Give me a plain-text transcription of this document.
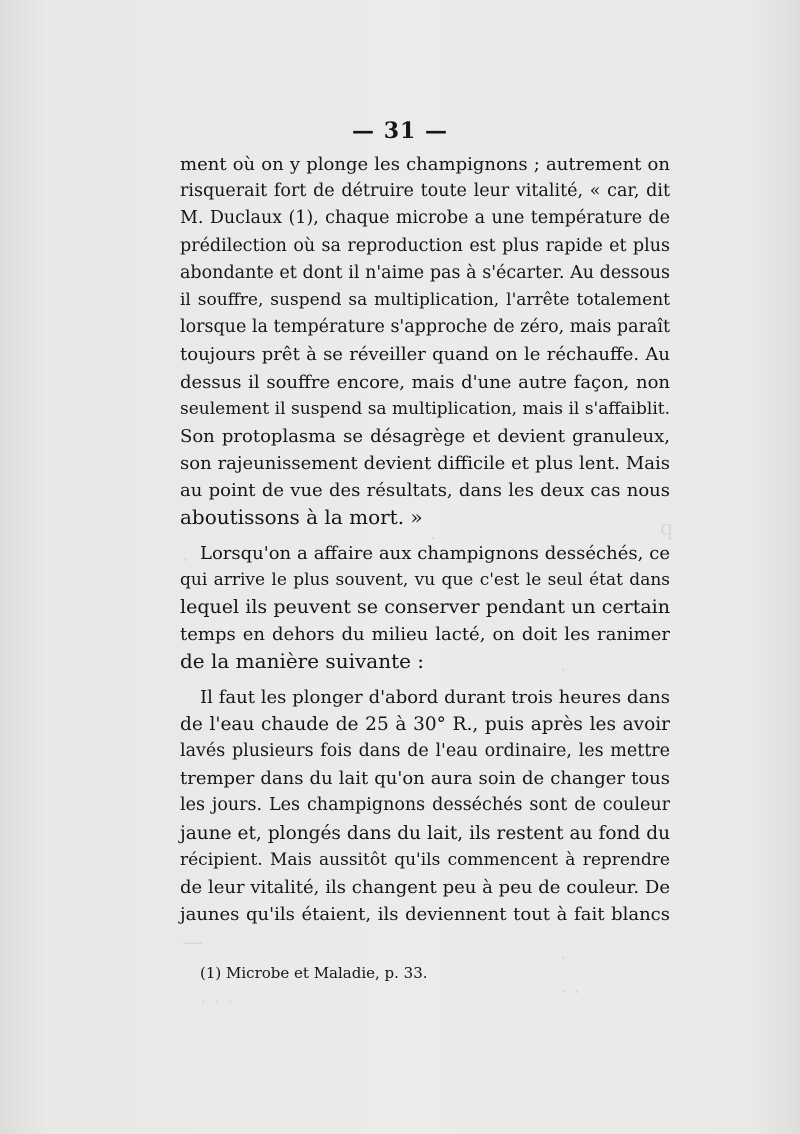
q
.
·
.
—	.
· · ·	· ·
— 31 —
ment où on y plonge les champignons ; autrement on
risquerait fort de détruire toute leur vitalité, « car, dit
M. Duclaux (1), chaque microbe a une température de
prédilection où sa reproduction est plus rapide et plus
abondante et dont il n'aime pas à s'écarter. Au dessous
il souffre, suspend sa multiplication, l'arrête totalement
lorsque la température s'approche de zéro, mais paraît
toujours prêt à se réveiller quand on le réchauffe. Au
dessus il souffre encore, mais d'une autre façon, non
seulement il suspend sa multiplication, mais il s'affaiblit.
Son protoplasma se désagrège et devient granuleux,
son rajeunissement devient difficile et plus lent. Mais
au point de vue des résultats, dans les deux cas nous
aboutissons à la mort. »
Lorsqu'on a affaire aux champignons desséchés, ce
qui arrive le plus souvent, vu que c'est le seul état dans
lequel ils peuvent se conserver pendant un certain
temps en dehors du milieu lacté, on doit les ranimer
de la manière suivante :
Il faut les plonger d'abord durant trois heures dans
de l'eau chaude de 25 à 30° R., puis après les avoir
lavés plusieurs fois dans de l'eau ordinaire, les mettre
tremper dans du lait qu'on aura soin de changer tous
les jours. Les champignons desséchés sont de couleur
jaune et, plongés dans du lait, ils restent au fond du
récipient. Mais aussitôt qu'ils commencent à reprendre
de leur vitalité, ils changent peu à peu de couleur. De
jaunes qu'ils étaient, ils deviennent tout à fait blancs
(1) Microbe et Maladie, p. 33.
